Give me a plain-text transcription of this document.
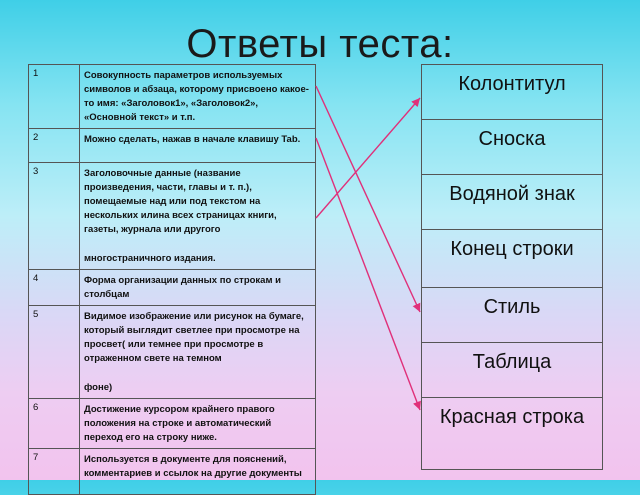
Ответы теста:
1	Совокупность параметров используемых символов и абзаца, которому присвоено какое-то имя: «Заголовок1», «Заголовок2», «Основной текст» и т.п.
2	Можно сделать, нажав в начале клавишу Tab.
3	Заголовочные данные (название произведения, части, главы и т. п.), помещаемые над или под текстом на нескольких илина всех страницах книги, газеты, журнала или другого
многостраничного издания.
4	Форма организации данных по строкам и столбцам
5	Видимое изображение или рисунок на бумаге, который выглядит светлее при просмотре на просвет( или темнее при просмотре в отраженном свете на темном
фоне)
6	Достижение курсором крайнего правого положения на строке и автоматический переход его на строку ниже.
7	Используется в документе для пояснений, комментариев и ссылок на другие документы
Колонтитул
Сноска
Водяной знак
Конец строки
Стиль
Таблица
Красная строка
